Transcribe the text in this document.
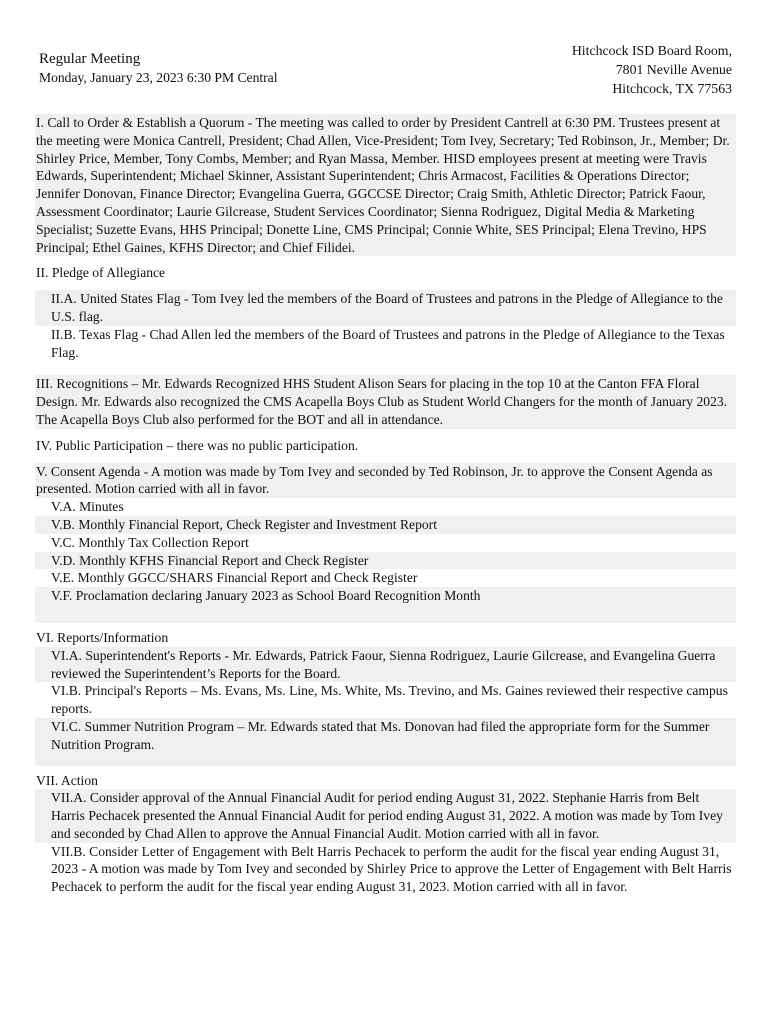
Regular Meeting
Monday, January 23, 2023 6:30 PM Central
Hitchcock ISD Board Room,
7801 Neville Avenue
Hitchcock, TX 77563
I. Call to Order & Establish a Quorum - The meeting was called to order by President Cantrell at 6:30 PM. Trustees present at the meeting were Monica Cantrell, President; Chad Allen, Vice-President; Tom Ivey, Secretary; Ted Robinson, Jr., Member; Dr. Shirley Price, Member, Tony Combs, Member; and Ryan Massa, Member. HISD employees present at meeting were Travis Edwards, Superintendent; Michael Skinner, Assistant Superintendent; Chris Armacost, Facilities & Operations Director; Jennifer Donovan, Finance Director; Evangelina Guerra, GGCCSE Director; Craig Smith, Athletic Director; Patrick Faour, Assessment Coordinator; Laurie Gilcrease, Student Services Coordinator; Sienna Rodriguez, Digital Media & Marketing Specialist; Suzette Evans, HHS Principal; Donette Line, CMS Principal; Connie White, SES Principal; Elena Trevino, HPS Principal; Ethel Gaines, KFHS Director; and Chief Filidei.
II. Pledge of Allegiance
II.A. United States Flag - Tom Ivey led the members of the Board of Trustees and patrons in the Pledge of Allegiance to the U.S. flag.
II.B. Texas Flag - Chad Allen led the members of the Board of Trustees and patrons in the Pledge of Allegiance to the Texas Flag.
III. Recognitions – Mr. Edwards Recognized HHS Student Alison Sears for placing in the top 10 at the Canton FFA Floral Design. Mr. Edwards also recognized the CMS Acapella Boys Club as Student World Changers for the month of January 2023. The Acapella Boys Club also performed for the BOT and all in attendance.
IV. Public Participation – there was no public participation.
V. Consent Agenda - A motion was made by Tom Ivey and seconded by Ted Robinson, Jr. to approve the Consent Agenda as presented. Motion carried with all in favor.
V.A. Minutes
V.B. Monthly Financial Report, Check Register and Investment Report
V.C. Monthly Tax Collection Report
V.D. Monthly KFHS Financial Report and Check Register
V.E. Monthly GGCC/SHARS Financial Report and Check Register
V.F. Proclamation declaring January 2023 as School Board Recognition Month
VI. Reports/Information
VI.A. Superintendent's Reports - Mr. Edwards, Patrick Faour, Sienna Rodriguez, Laurie Gilcrease, and Evangelina Guerra reviewed the Superintendent’s Reports for the Board.
VI.B. Principal's Reports – Ms. Evans, Ms. Line, Ms. White, Ms. Trevino, and Ms. Gaines reviewed their respective campus reports.
VI.C. Summer Nutrition Program – Mr. Edwards stated that Ms. Donovan had filed the appropriate form for the Summer Nutrition Program.
VII. Action
VII.A. Consider approval of the Annual Financial Audit for period ending August 31, 2022. Stephanie Harris from Belt Harris Pechacek presented the Annual Financial Audit for period ending August 31, 2022. A motion was made by Tom Ivey and seconded by Chad Allen to approve the Annual Financial Audit. Motion carried with all in favor.
VII.B. Consider Letter of Engagement with Belt Harris Pechacek to perform the audit for the fiscal year ending August 31, 2023 - A motion was made by Tom Ivey and seconded by Shirley Price to approve the Letter of Engagement with Belt Harris Pechacek to perform the audit for the fiscal year ending August 31, 2023. Motion carried with all in favor.
